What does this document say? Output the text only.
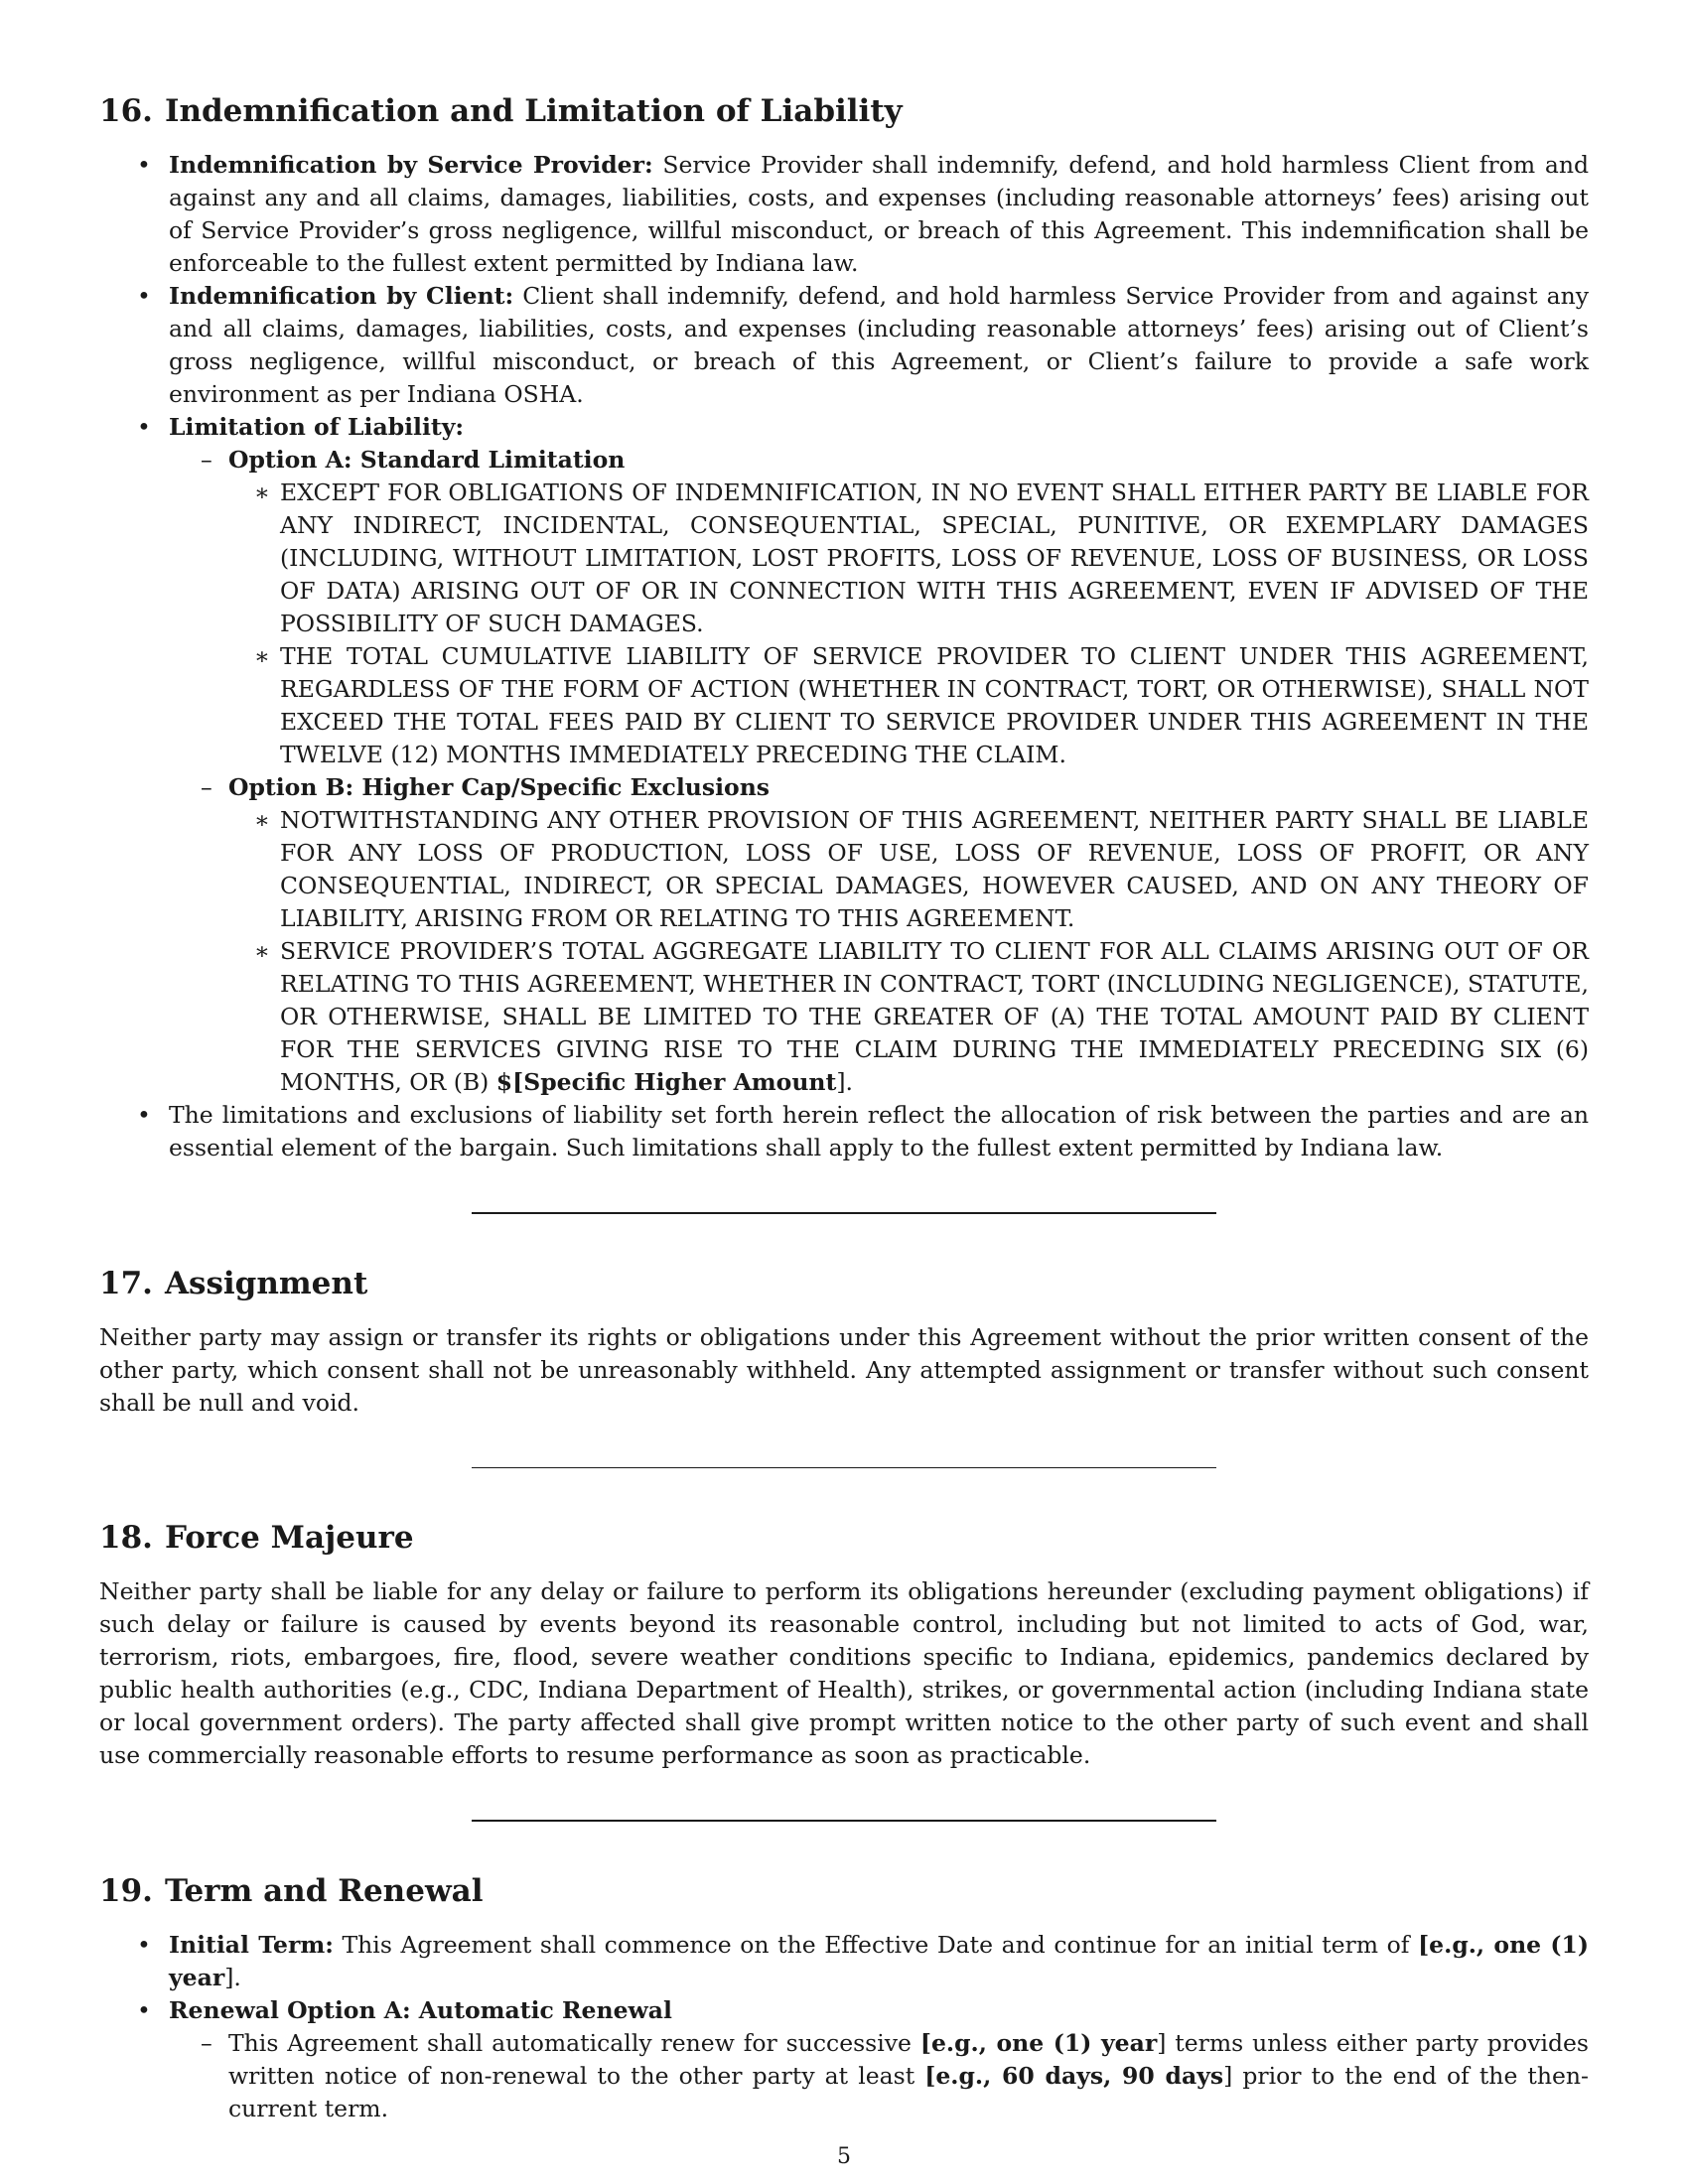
16. Indemnification and Limitation of Liability
• Indemnification by Service Provider: Service Provider shall indemnify, defend, and hold harmless Client from and against any and all claims, damages, liabilities, costs, and expenses (including reasonable attorneys’ fees) arising out of Service Provider’s gross negligence, willful misconduct, or breach of this Agreement. This indemnification shall be enforceable to the fullest extent permitted by Indiana law.
• Indemnification by Client: Client shall indemnify, defend, and hold harmless Service Provider from and against any and all claims, damages, liabilities, costs, and expenses (including reasonable attorneys’ fees) arising out of Client’s gross negligence, willful misconduct, or breach of this Agreement, or Client’s failure to provide a safe work environment as per Indiana OSHA.
• Limitation of Liability:
– Option A: Standard Limitation
∗ EXCEPT FOR OBLIGATIONS OF INDEMNIFICATION, IN NO EVENT SHALL EITHER PARTY BE LIABLE FOR ANY INDIRECT, INCIDENTAL, CONSEQUENTIAL, SPECIAL, PUNITIVE, OR EXEMPLARY DAMAGES (INCLUDING, WITHOUT LIMITATION, LOST PROFITS, LOSS OF REVENUE, LOSS OF BUSINESS, OR LOSS OF DATA) ARISING OUT OF OR IN CONNECTION WITH THIS AGREEMENT, EVEN IF ADVISED OF THE POSSIBILITY OF SUCH DAMAGES.
∗ THE TOTAL CUMULATIVE LIABILITY OF SERVICE PROVIDER TO CLIENT UNDER THIS AGREEMENT, REGARDLESS OF THE FORM OF ACTION (WHETHER IN CONTRACT, TORT, OR OTHERWISE), SHALL NOT EXCEED THE TOTAL FEES PAID BY CLIENT TO SERVICE PROVIDER UNDER THIS AGREEMENT IN THE TWELVE (12) MONTHS IMMEDIATELY PRECEDING THE CLAIM.
– Option B: Higher Cap/Specific Exclusions
∗ NOTWITHSTANDING ANY OTHER PROVISION OF THIS AGREEMENT, NEITHER PARTY SHALL BE LIABLE FOR ANY LOSS OF PRODUCTION, LOSS OF USE, LOSS OF REVENUE, LOSS OF PROFIT, OR ANY CONSEQUENTIAL, INDIRECT, OR SPECIAL DAMAGES, HOWEVER CAUSED, AND ON ANY THEORY OF LIABILITY, ARISING FROM OR RELATING TO THIS AGREEMENT.
∗ SERVICE PROVIDER’S TOTAL AGGREGATE LIABILITY TO CLIENT FOR ALL CLAIMS ARISING OUT OF OR RELATING TO THIS AGREEMENT, WHETHER IN CONTRACT, TORT (INCLUDING NEGLIGENCE), STATUTE, OR OTHERWISE, SHALL BE LIMITED TO THE GREATER OF (A) THE TOTAL AMOUNT PAID BY CLIENT FOR THE SERVICES GIVING RISE TO THE CLAIM DURING THE IMMEDIATELY PRECEDING SIX (6) MONTHS, OR (B) $[Specific Higher Amount].
• The limitations and exclusions of liability set forth herein reflect the allocation of risk between the parties and are an essential element of the bargain. Such limitations shall apply to the fullest extent permitted by Indiana law.
17. Assignment

Neither party may assign or transfer its rights or obligations under this Agreement without the prior written consent of the other party, which consent shall not be unreasonably withheld. Any attempted assignment or transfer without such consent shall be null and void.

18. Force Majeure

Neither party shall be liable for any delay or failure to perform its obligations hereunder (excluding payment obligations) if such delay or failure is caused by events beyond its reasonable control, including but not limited to acts of God, war, terrorism, riots, embargoes, fire, flood, severe weather conditions specific to Indiana, epidemics, pandemics declared by public health authorities (e.g., CDC, Indiana Department of Health), strikes, or governmental action (including Indiana state or local government orders). The party affected shall give prompt written notice to the other party of such event and shall use commercially reasonable efforts to resume performance as soon as practicable.

19. Term and Renewal
• Initial Term: This Agreement shall commence on the Effective Date and continue for an initial term of [e.g., one (1) year].
• Renewal Option A: Automatic Renewal
– This Agreement shall automatically renew for successive [e.g., one (1) year] terms unless either party provides written notice of non-renewal to the other party at least [e.g., 60 days, 90 days] prior to the end of the then-current term.
5
